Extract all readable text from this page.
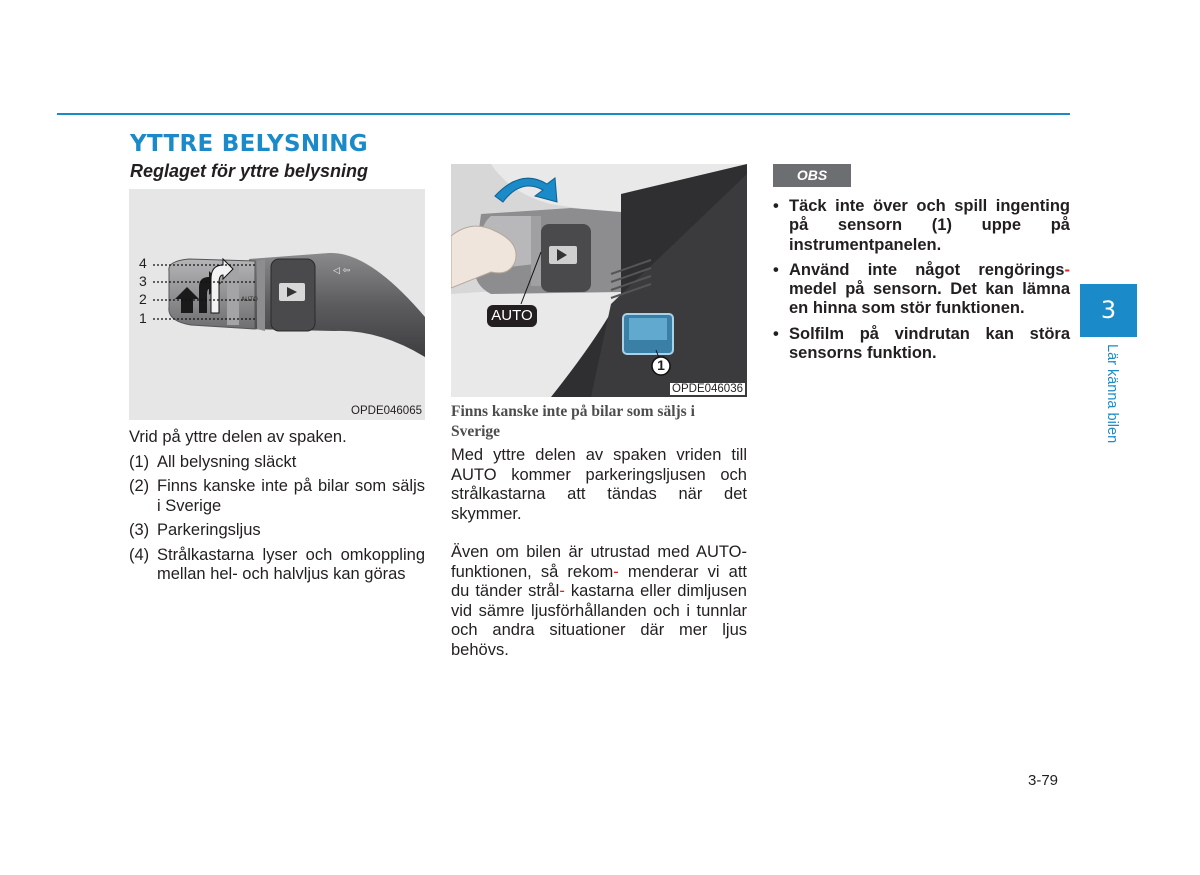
YTTRE BELYSNING
Reglaget för yttre belysning
◁ ⇦
AUTO
4
3
2
1
OPDE046065
Vrid på yttre delen av spaken.
(1) All belysning släckt
(2) Finns kanske inte på bilar som säljs i Sverige
(3) Parkeringsljus
(4) Strålkastarna lyser och omkoppling mellan hel- och halvljus kan göras
AUTO
1
OPDE046036
Finns kanske inte på bilar som säljs i Sverige

Med yttre delen av spaken vriden till AUTO kommer parkeringsljusen och strålkastarna att tändas när det skymmer.

Även om bilen är utrustad med AUTO-funktionen, så rekom- menderar vi att du tänder strål- kastarna eller dimljusen vid sämre ljusförhållanden och i tunnlar och andra situationer där mer ljus behövs.

OBS
• Täck inte över och spill ingenting på sensorn (1) uppe på instrumentpanelen.
• Använd inte något rengörings- medel på sensorn. Det kan lämna en hinna som stör funktionen.
• Solfilm på vindrutan kan störa sensorns funktion.
3
Lär känna bilen
3-79
